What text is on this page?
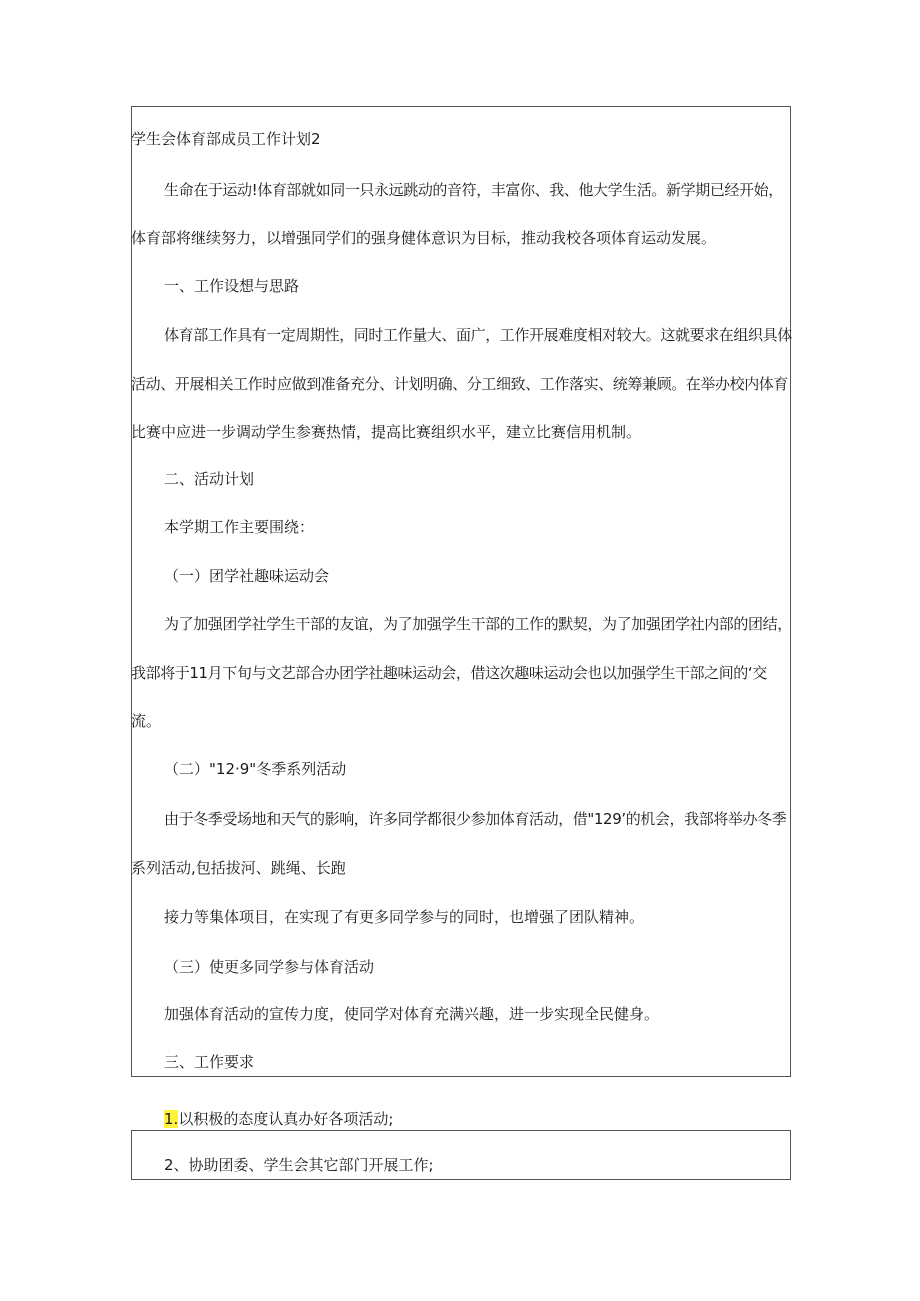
学生会体育部成员工作计划2
生命在于运动!体育部就如同一只永远跳动的音符，丰富你、我、他大学生活。新学期已经开始，
体育部将继续努力，以增强同学们的强身健体意识为目标，推动我校各项体育运动发展。
一、工作设想与思路
体育部工作具有一定周期性，同时工作量大、面广，工作开展难度相对较大。这就要求在组织具体
活动、开展相关工作时应做到准备充分、计划明确、分工细致、工作落实、统筹兼顾。在举办校内体育
比赛中应进一步调动学生参赛热情，提高比赛组织水平，建立比赛信用机制。
二、活动计划
本学期工作主要围绕：
（一）团学社趣味运动会
为了加强团学社学生干部的友谊，为了加强学生干部的工作的默契，为了加强团学社内部的团结，
我部将于11月下旬与文艺部合办团学社趣味运动会，借这次趣味运动会也以加强学生干部之间的‘交
流。
（二）"12·9"冬季系列活动
由于冬季受场地和天气的影响，许多同学都很少参加体育活动，借"129’的机会，我部将举办冬季
系列活动,包括拔河、跳绳、长跑
接力等集体项目，在实现了有更多同学参与的同时，也增强了团队精神。
（三）使更多同学参与体育活动
加强体育活动的宣传力度，使同学对体育充满兴趣，进一步实现全民健身。
三、工作要求
1.以积极的态度认真办好各项活动;
2、协助团委、学生会其它部门开展工作;
